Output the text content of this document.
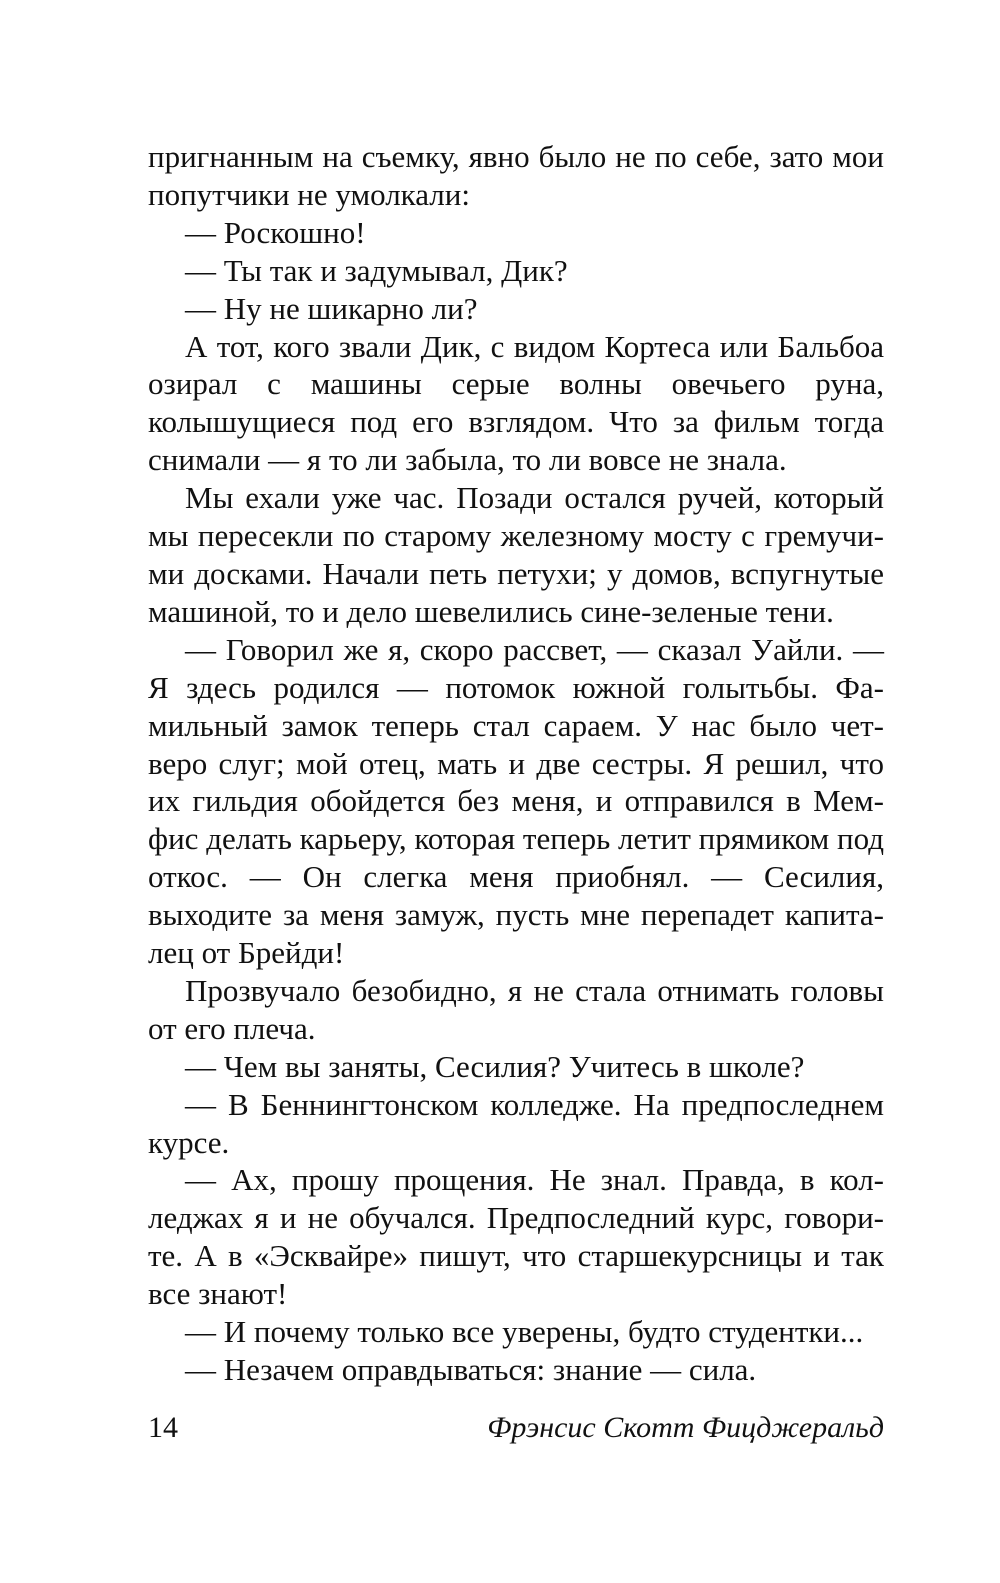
пригнанным на съемку, явно было не по себе, зато мои попутчики не умолкали:

— Роскошно!

— Ты так и задумывал, Дик?

— Ну не шикарно ли?

А тот, кого звали Дик, с видом Кортеса или Бальбоа озирал с машины серые волны овечьего руна, колышущиеся под его взглядом. Что за фильм тогда снимали — я то ли забыла, то ли вовсе не знала.

Мы ехали уже час. Позади остался ручей, который мы пересекли по старому железному мосту с гремучими досками. Начали петь петухи; у домов, вспугнутые машиной, то и дело шевелились сине-зеленые тени.

— Говорил же я, скоро рассвет, — сказал Уайли. — Я здесь родился — потомок южной голытьбы. Фамильный замок теперь стал сараем. У нас было четверо слуг; мой отец, мать и две сестры. Я решил, что их гильдия обойдется без меня, и отправился в Мемфис делать карьеру, которая теперь летит прямиком под откос. — Он слегка меня приобнял. — Сесилия, выходите за меня замуж, пусть мне перепадет капиталец от Брейди!

Прозвучало безобидно, я не стала отнимать головы от его плеча.

— Чем вы заняты, Сесилия? Учитесь в школе?

— В Беннингтонском колледже. На предпоследнем курсе.

— Ах, прошу прощения. Не знал. Правда, в колледжах я и не обучался. Предпоследний курс, говорите. А в «Эсквайре» пишут, что старшекурсницы и так все знают!

— И почему только все уверены, будто студентки...

— Незачем оправдываться: знание — сила.

14	Фрэнсис Скотт Фицджеральд
